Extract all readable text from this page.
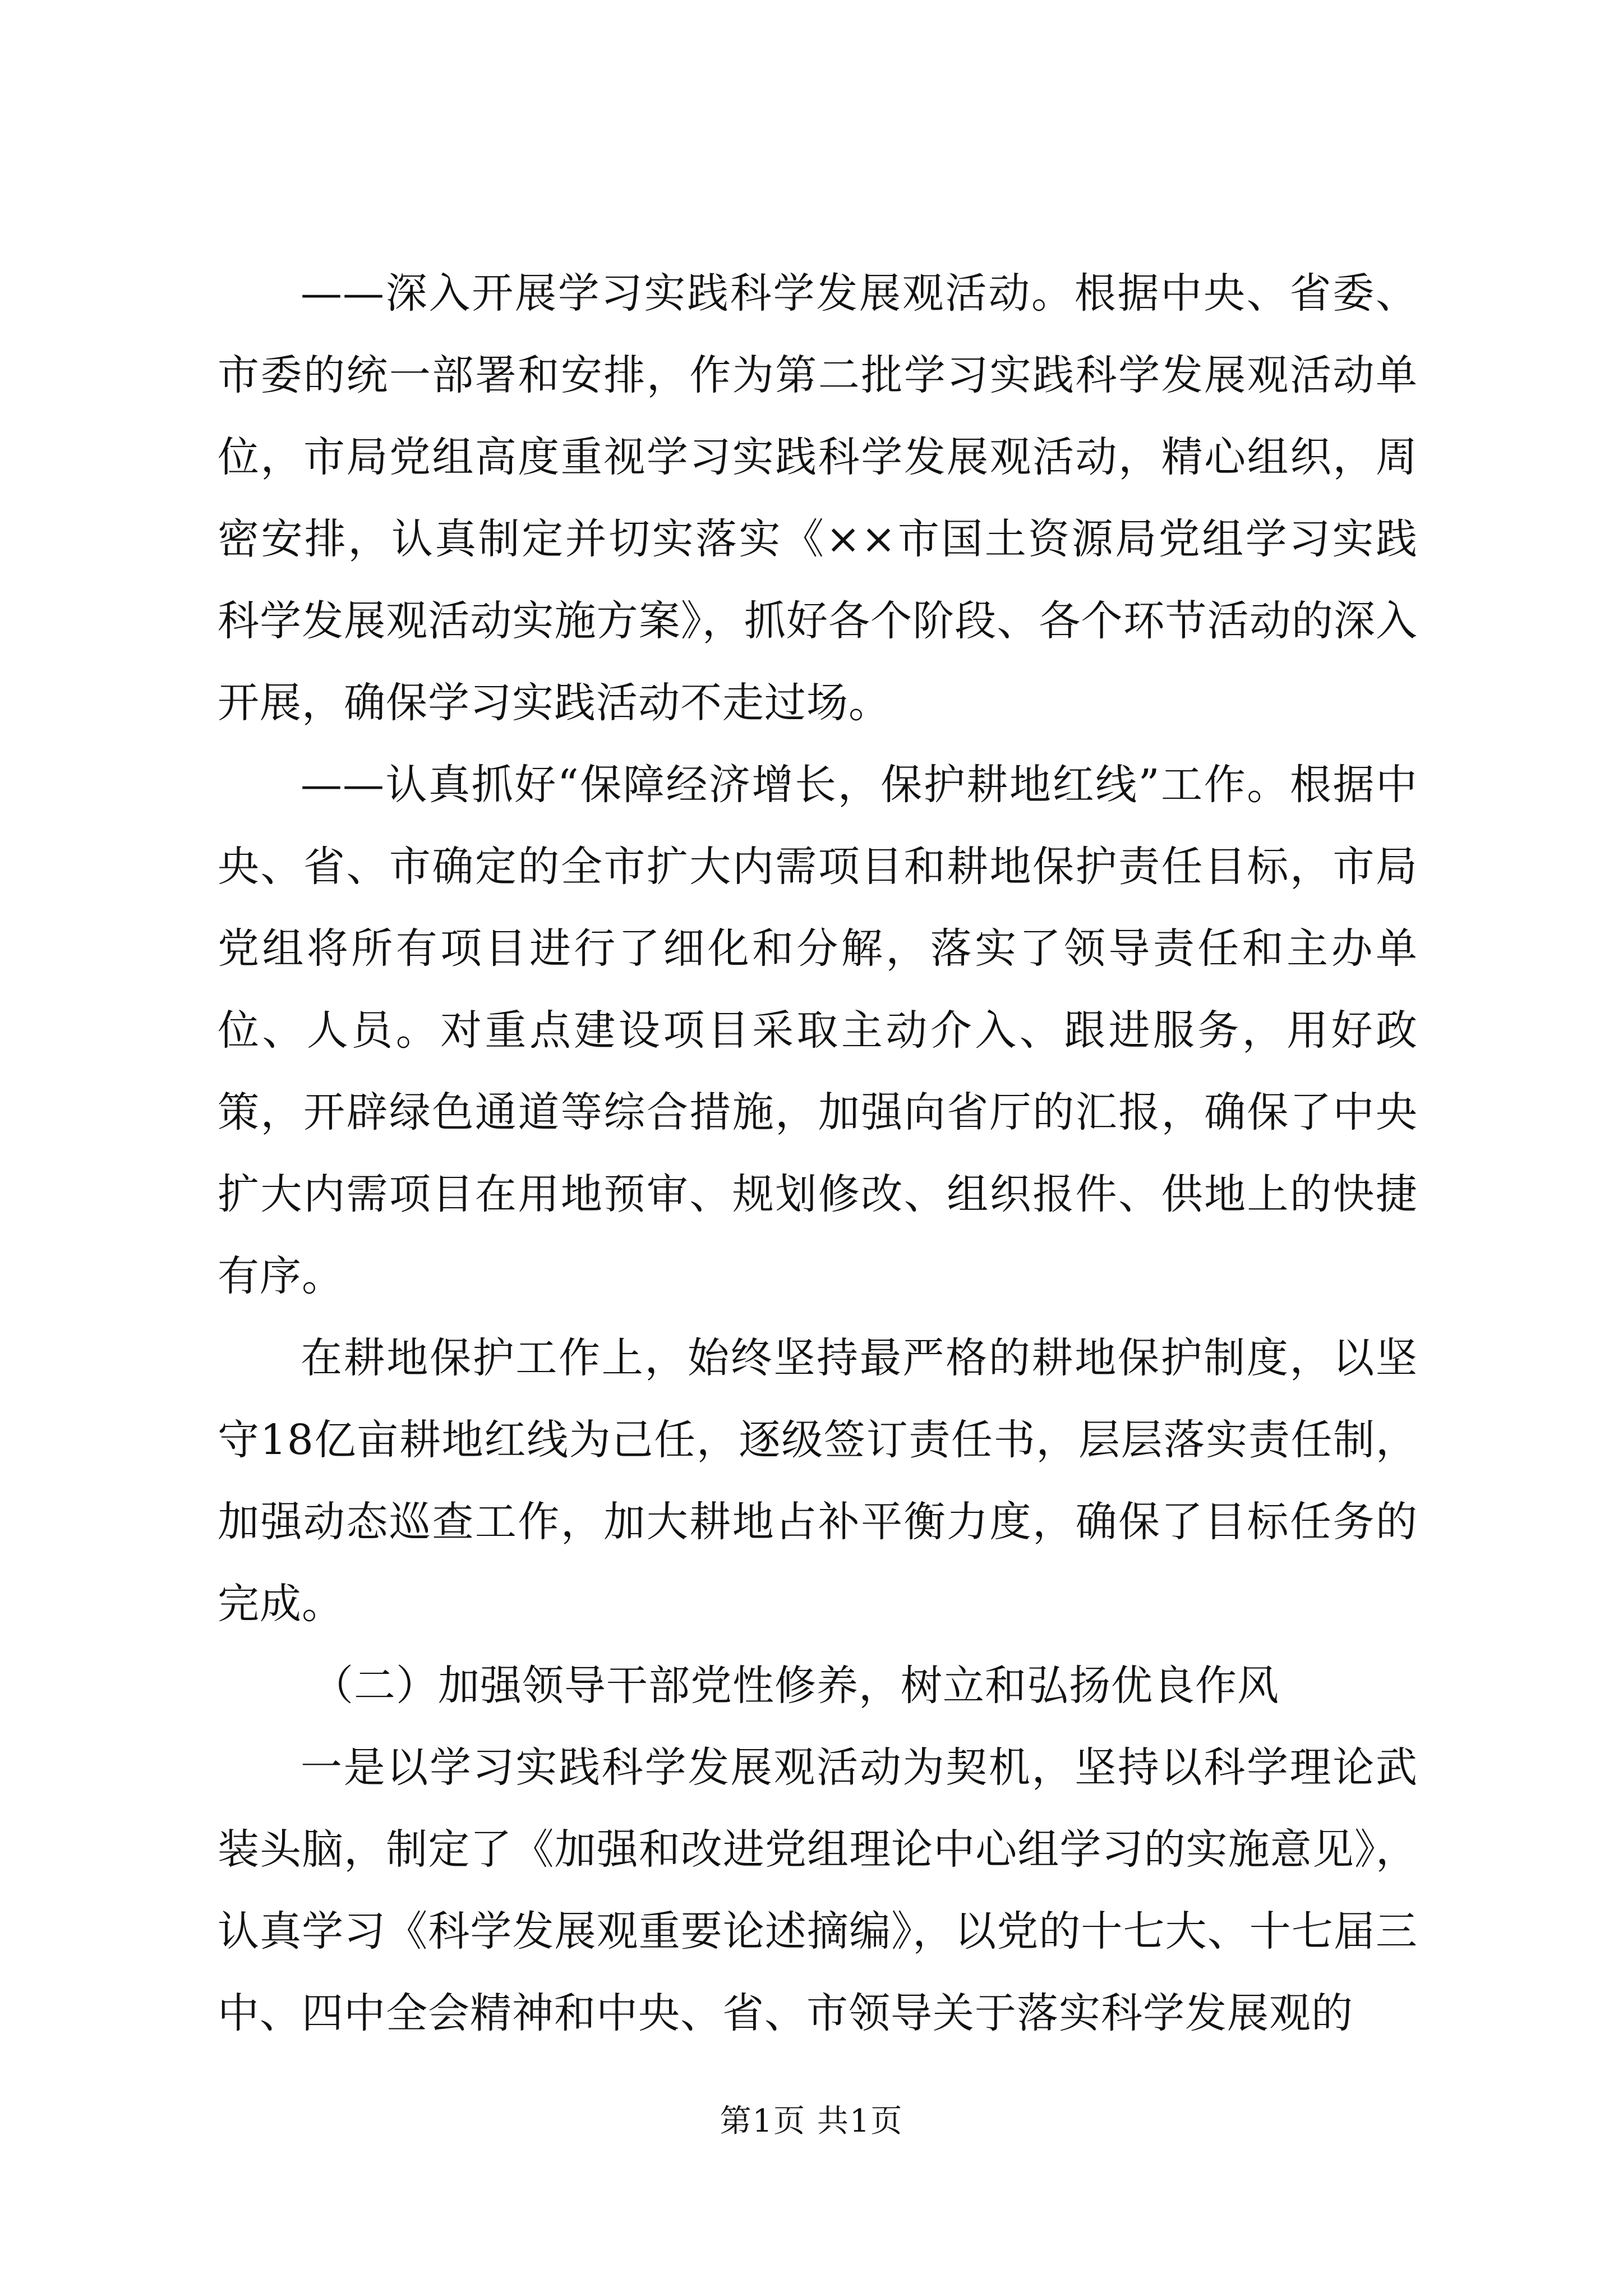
——深入开展学习实践科学发展观活动。根据中央、省委、市委的统一部署和安排，作为第二批学习实践科学发展观活动单位，市局党组高度重视学习实践科学发展观活动，精心组织，周密安排，认真制定并切实落实《××市国土资源局党组学习实践科学发展观活动实施方案》，抓好各个阶段、各个环节活动的深入开展，确保学习实践活动不走过场。

——认真抓好“保障经济增长，保护耕地红线”工作。根据中央、省、市确定的全市扩大内需项目和耕地保护责任目标，市局党组将所有项目进行了细化和分解，落实了领导责任和主办单位、人员。对重点建设项目采取主动介入、跟进服务，用好政策，开辟绿色通道等综合措施，加强向省厅的汇报，确保了中央扩大内需项目在用地预审、规划修改、组织报件、供地上的快捷有序。

在耕地保护工作上，始终坚持最严格的耕地保护制度，以坚守18亿亩耕地红线为己任，逐级签订责任书，层层落实责任制，加强动态巡查工作，加大耕地占补平衡力度，确保了目标任务的完成。

（二）加强领导干部党性修养，树立和弘扬优良作风

一是以学习实践科学发展观活动为契机，坚持以科学理论武装头脑，制定了《加强和改进党组理论中心组学习的实施意见》，认真学习《科学发展观重要论述摘编》，以党的十七大、十七届三中、四中全会精神和中央、省、市领导关于落实科学发展观的

第1页 共1页
